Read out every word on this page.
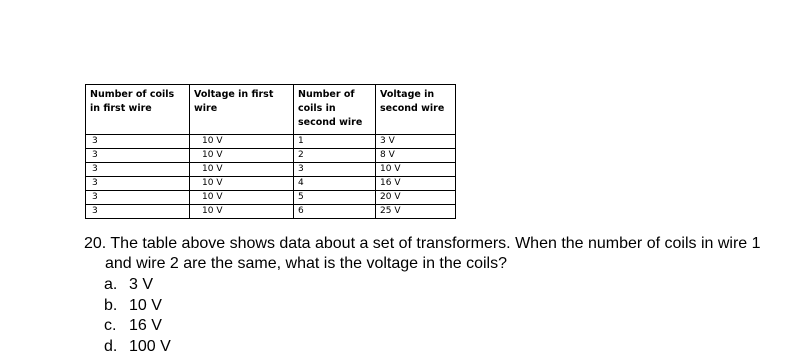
Number of coils in first wire	Voltage in first wire	Number of coils in second wire	Voltage in second wire
3	10 V	1	3 V
3	10 V	2	8 V
3	10 V	3	10 V
3	10 V	4	16 V
3	10 V	5	20 V
3	10 V	6	25 V
20. The table above shows data about a set of transformers. When the number of coils in wire 1
and wire 2 are the same, what is the voltage in the coils?
a. 3 V
b. 10 V
c. 16 V
d. 100 V
